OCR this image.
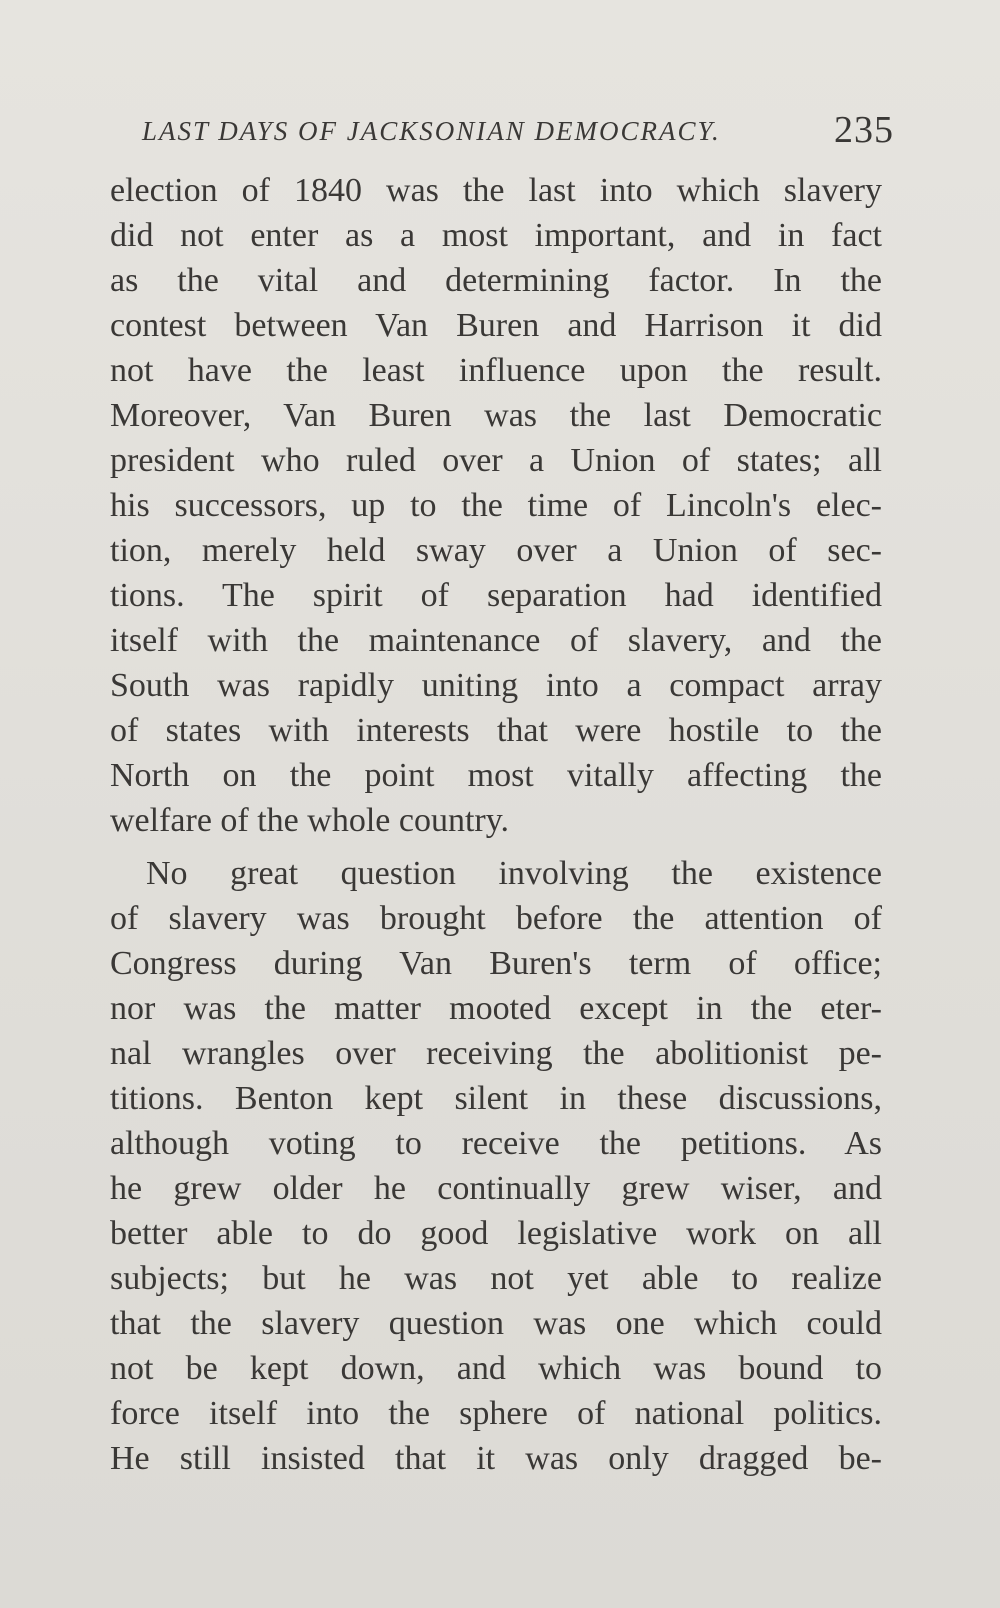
LAST DAYS OF JACKSONIAN DEMOCRACY.	235
election of 1840 was the last into which slavery
did not enter as a most important, and in fact
as the vital and determining factor. In the
contest between Van Buren and Harrison it did
not have the least influence upon the result.
Moreover, Van Buren was the last Democratic
president who ruled over a Union of states; all
his successors, up to the time of Lincoln's elec-
tion, merely held sway over a Union of sec-
tions. The spirit of separation had identified
itself with the maintenance of slavery, and the
South was rapidly uniting into a compact array
of states with interests that were hostile to the
North on the point most vitally affecting the
welfare of the whole country.
No great question involving the existence
of slavery was brought before the attention of
Congress during Van Buren's term of office;
nor was the matter mooted except in the eter-
nal wrangles over receiving the abolitionist pe-
titions. Benton kept silent in these discussions,
although voting to receive the petitions. As
he grew older he continually grew wiser, and
better able to do good legislative work on all
subjects; but he was not yet able to realize
that the slavery question was one which could
not be kept down, and which was bound to
force itself into the sphere of national politics.
He still insisted that it was only dragged be-
